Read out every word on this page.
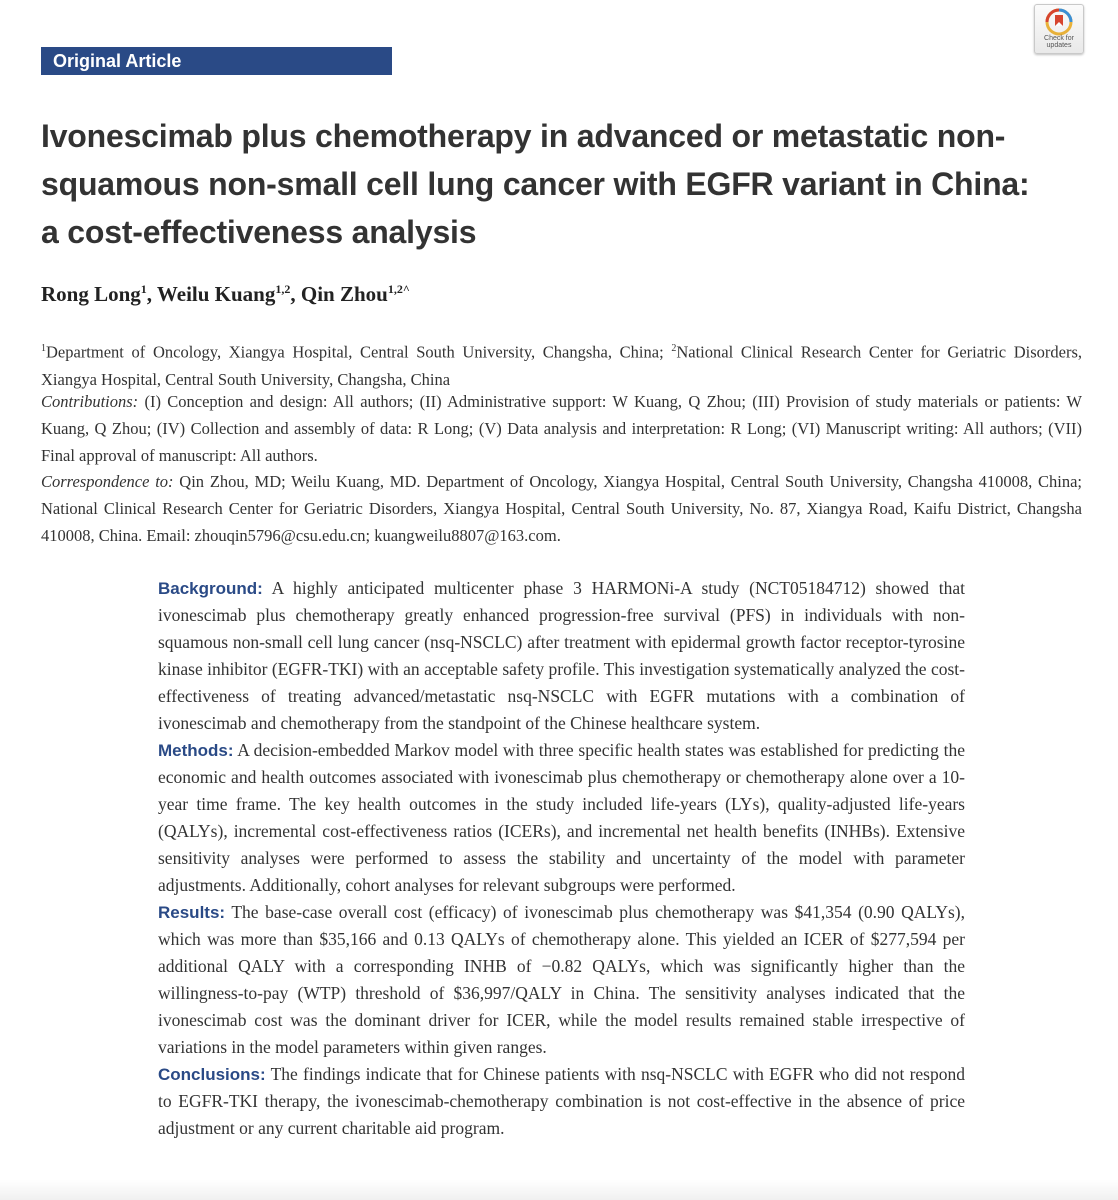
Check for updates
Original Article
Ivonescimab plus chemotherapy in advanced or metastatic non-squamous non-small cell lung cancer with EGFR variant in China: a cost-effectiveness analysis
Rong Long$^1$, Weilu Kuang$^{1,2}$, Qin Zhou$^{1,2\^{}}$
$^1$Department of Oncology, Xiangya Hospital, Central South University, Changsha, China; $^2$National Clinical Research Center for Geriatric Disorders, Xiangya Hospital, Central South University, Changsha, China
Contributions: (I) Conception and design: All authors; (II) Administrative support: W Kuang, Q Zhou; (III) Provision of study materials or patients: W Kuang, Q Zhou; (IV) Collection and assembly of data: R Long; (V) Data analysis and interpretation: R Long; (VI) Manuscript writing: All authors; (VII) Final approval of manuscript: All authors.
Correspondence to: Qin Zhou, MD; Weilu Kuang, MD. Department of Oncology, Xiangya Hospital, Central South University, Changsha 410008, China; National Clinical Research Center for Geriatric Disorders, Xiangya Hospital, Central South University, No. 87, Xiangya Road, Kaifu District, Changsha 410008, China. Email: zhouqin5796@csu.edu.cn; kuangweilu8807@163.com.

Background: A highly anticipated multicenter phase 3 HARMONi-A study (NCT05184712) showed that ivonescimab plus chemotherapy greatly enhanced progression-free survival (PFS) in individuals with non-squamous non-small cell lung cancer (nsq-NSCLC) after treatment with epidermal growth factor receptor-tyrosine kinase inhibitor (EGFR-TKI) with an acceptable safety profile. This investigation systematically analyzed the cost-effectiveness of treating advanced/metastatic nsq-NSCLC with EGFR mutations with a combination of ivonescimab and chemotherapy from the standpoint of the Chinese healthcare system.

Methods: A decision-embedded Markov model with three specific health states was established for predicting the economic and health outcomes associated with ivonescimab plus chemotherapy or chemotherapy alone over a 10-year time frame. The key health outcomes in the study included life-years (LYs), quality-adjusted life-years (QALYs), incremental cost-effectiveness ratios (ICERs), and incremental net health benefits (INHBs). Extensive sensitivity analyses were performed to assess the stability and uncertainty of the model with parameter adjustments. Additionally, cohort analyses for relevant subgroups were performed.

Results: The base-case overall cost (efficacy) of ivonescimab plus chemotherapy was $41,354 (0.90 QALYs), which was more than $35,166 and 0.13 QALYs of chemotherapy alone. This yielded an ICER of $277,594 per additional QALY with a corresponding INHB of −0.82 QALYs, which was significantly higher than the willingness-to-pay (WTP) threshold of $36,997/QALY in China. The sensitivity analyses indicated that the ivonescimab cost was the dominant driver for ICER, while the model results remained stable irrespective of variations in the model parameters within given ranges.

Conclusions: The findings indicate that for Chinese patients with nsq-NSCLC with EGFR who did not respond to EGFR-TKI therapy, the ivonescimab-chemotherapy combination is not cost-effective in the absence of price adjustment or any current charitable aid program.
